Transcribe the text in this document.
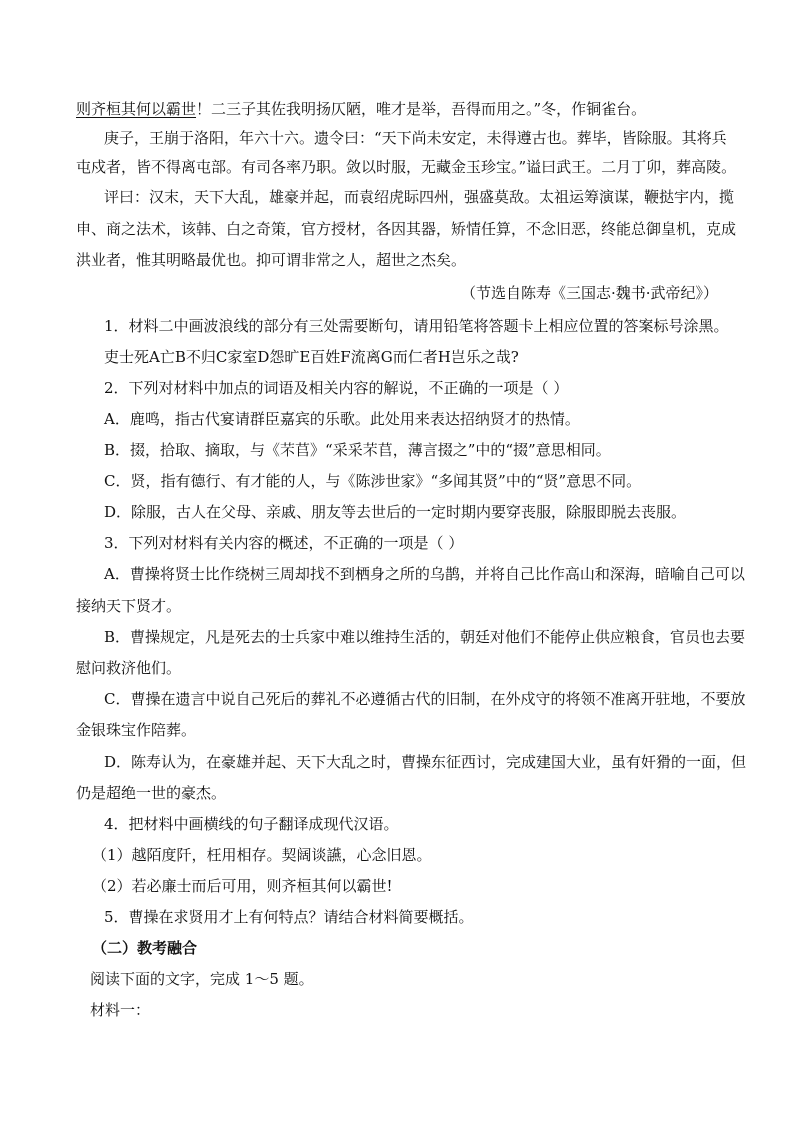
则齐桓其何以霸世！二三子其佐我明扬仄陋，唯才是举，吾得而用之。”冬，作铜雀台。
庚子，王崩于洛阳，年六十六。遗令曰：“天下尚未安定，未得遵古也。葬毕，皆除服。其将兵
屯戍者，皆不得离屯部。有司各率乃职。敛以时服，无藏金玉珍宝。”谥曰武王。二月丁卯，葬高陵。
评曰：汉末，天下大乱，雄豪并起，而袁绍虎眎四州，强盛莫敌。太祖运筹演谋，鞭挞宇内，揽
申、商之法术，该韩、白之奇策，官方授材，各因其器，矫情任算，不念旧恶，终能总御皇机，克成
洪业者，惟其明略最优也。抑可谓非常之人，超世之杰矣。
（节选自陈寿《三国志·魏书·武帝纪》）
1．材料二中画波浪线的部分有三处需要断句，请用铅笔将答题卡上相应位置的答案标号涂黑。
吏士死A亡B不归C家室D怨旷E百姓F流离G而仁者H岂乐之哉?
2．下列对材料中加点的词语及相关内容的解说，不正确的一项是（ ）
A．鹿鸣，指古代宴请群臣嘉宾的乐歌。此处用来表达招纳贤才的热情。
B．掇，拾取、摘取，与《芣苢》“采采芣苢，薄言掇之”中的“掇”意思相同。
C．贤，指有德行、有才能的人，与《陈涉世家》“多闻其贤”中的“贤”意思不同。
D．除服，古人在父母、亲戚、朋友等去世后的一定时期内要穿丧服，除服即脱去丧服。
3．下列对材料有关内容的概述，不正确的一项是（ ）
A．曹操将贤士比作绕树三周却找不到栖身之所的乌鹊，并将自己比作高山和深海，暗喻自己可以
接纳天下贤才。
B．曹操规定，凡是死去的士兵家中难以维持生活的，朝廷对他们不能停止供应粮食，官员也去要
慰问救济他们。
C．曹操在遗言中说自己死后的葬礼不必遵循古代的旧制，在外戍守的将领不准离开驻地，不要放
金银珠宝作陪葬。
D．陈寿认为，在豪雄并起、天下大乱之时，曹操东征西讨，完成建国大业，虽有奸猾的一面，但
仍是超绝一世的豪杰。
4．把材料中画横线的句子翻译成现代汉语。
（1）越陌度阡，枉用相存。契阔谈讌，心念旧恩。
（2）若必廉士而后可用，则齐桓其何以霸世!
5．曹操在求贤用才上有何特点？请结合材料简要概括。
（二）教考融合
阅读下面的文字，完成 1～5 题。
材料一：
